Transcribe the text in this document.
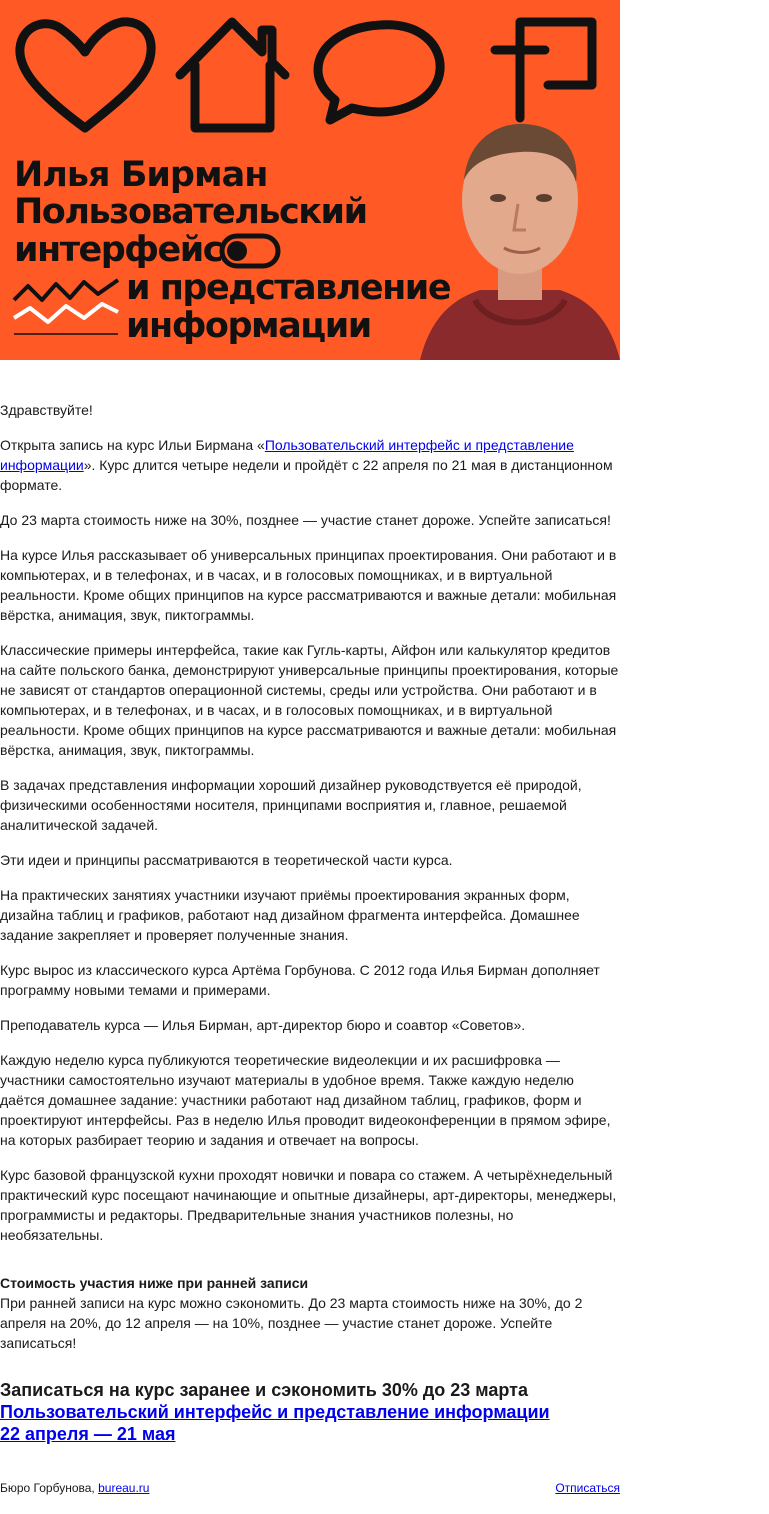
Илья Бирман
Пользовательский
интерфейс
и представление
информации

Здравствуйте!

Открыта запись на курс Ильи Бирмана «Пользовательский интерфейс и представление информации». Курс длится четыре недели и пройдёт с 22 апреля по 21 мая в дистанционном формате.

До 23 марта стоимость ниже на 30%, позднее — участие станет дороже. Успейте записаться!

На курсе Илья рассказывает об универсальных принципах проектирования. Они работают и в компьютерах, и в телефонах, и в часах, и в голосовых помощниках, и в виртуальной реальности. Кроме общих принципов на курсе рассматриваются и важные детали: мобильная вёрстка, анимация, звук, пиктограммы.

Классические примеры интерфейса, такие как Гугль-карты, Айфон или калькулятор кредитов на сайте польского банка, демонстрируют универсальные принципы проектирования, которые не зависят от стандартов операционной системы, среды или устройства. Они работают и в компьютерах, и в телефонах, и в часах, и в голосовых помощниках, и в виртуальной реальности. Кроме общих принципов на курсе рассматриваются и важные детали: мобильная вёрстка, анимация, звук, пиктограммы.

В задачах представления информации хороший дизайнер руководствуется её природой, физическими особенностями носителя, принципами восприятия и, главное, решаемой аналитической задачей.

Эти идеи и принципы рассматриваются в теоретической части курса.

На практических занятиях участники изучают приёмы проектирования экранных форм, дизайна таблиц и графиков, работают над дизайном фрагмента интерфейса. Домашнее задание закрепляет и проверяет полученные знания.

Курс вырос из классического курса Артёма Горбунова. С 2012 года Илья Бирман дополняет программу новыми темами и примерами.

Преподаватель курса — Илья Бирман, арт-директор бюро и соавтор «Советов».

Каждую неделю курса публикуются теоретические видеолекции и их расшифровка — участники самостоятельно изучают материалы в удобное время. Также каждую неделю даётся домашнее задание: участники работают над дизайном таблиц, графиков, форм и проектируют интерфейсы. Раз в неделю Илья проводит видеоконференции в прямом эфире, на которых разбирает теорию и задания и отвечает на вопросы.

Курс базовой французской кухни проходят новички и повара со стажем. А четырёхнедельный практический курс посещают начинающие и опытные дизайнеры, арт-директоры, менеджеры, программисты и редакторы. Предварительные знания участников полезны, но необязательны.

Стоимость участия ниже при ранней записи
При ранней записи на курс можно сэкономить. До 23 марта стоимость ниже на 30%, до 2 апреля на 20%, до 12 апреля — на 10%, позднее — участие станет дороже. Успейте записаться!
Записаться на курс заранее и сэкономить 30% до 23 марта
Пользовательский интерфейс и представление информации
22 апреля — 21 мая
Бюро Горбунова, bureau.ru	Отписаться
